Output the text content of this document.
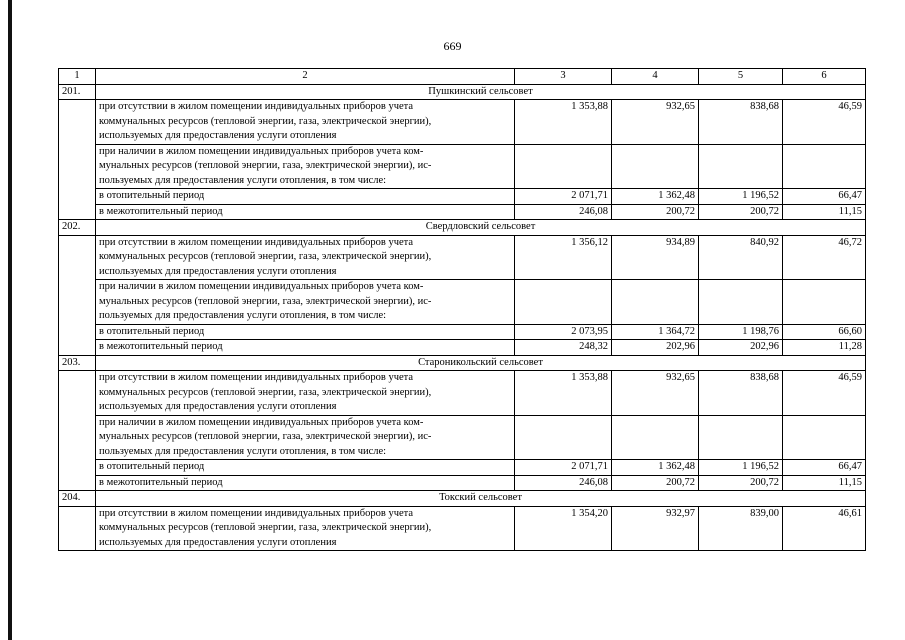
669
1	2	3	4	5	6
201.	Пушкинский сельсовет				

	при отсутствии в жилом помещении индивидуальных приборов учета
коммунальных ресурсов (тепловой энергии, газа, электрической энергии),
используемых для предоставления услуги отопления	1 353,88	932,65	838,68	46,59

	при наличии в жилом помещении индивидуальных приборов учета ком-
мунальных ресурсов (тепловой энергии, газа, электрической энергии), ис-
пользуемых для предоставления услуги отопления, в том числе:				

	в отопительный период	2 071,71	1 362,48	1 196,52	66,47

	в межотопительный период	246,08	200,72	200,72	11,15
202.	Свердловский сельсовет				

	при отсутствии в жилом помещении индивидуальных приборов учета
коммунальных ресурсов (тепловой энергии, газа, электрической энергии),
используемых для предоставления услуги отопления	1 356,12	934,89	840,92	46,72

	при наличии в жилом помещении индивидуальных приборов учета ком-
мунальных ресурсов (тепловой энергии, газа, электрической энергии), ис-
пользуемых для предоставления услуги отопления, в том числе:				

	в отопительный период	2 073,95	1 364,72	1 198,76	66,60

	в межотопительный период	248,32	202,96	202,96	11,28
203.	Староникольский сельсовет				

	при отсутствии в жилом помещении индивидуальных приборов учета
коммунальных ресурсов (тепловой энергии, газа, электрической энергии),
используемых для предоставления услуги отопления	1 353,88	932,65	838,68	46,59

	при наличии в жилом помещении индивидуальных приборов учета ком-
мунальных ресурсов (тепловой энергии, газа, электрической энергии), ис-
пользуемых для предоставления услуги отопления, в том числе:				

	в отопительный период	2 071,71	1 362,48	1 196,52	66,47

	в межотопительный период	246,08	200,72	200,72	11,15
204.	Токский сельсовет				

	при отсутствии в жилом помещении индивидуальных приборов учета
коммунальных ресурсов (тепловой энергии, газа, электрической энергии),
используемых для предоставления услуги отопления	1 354,20	932,97	839,00	46,61
